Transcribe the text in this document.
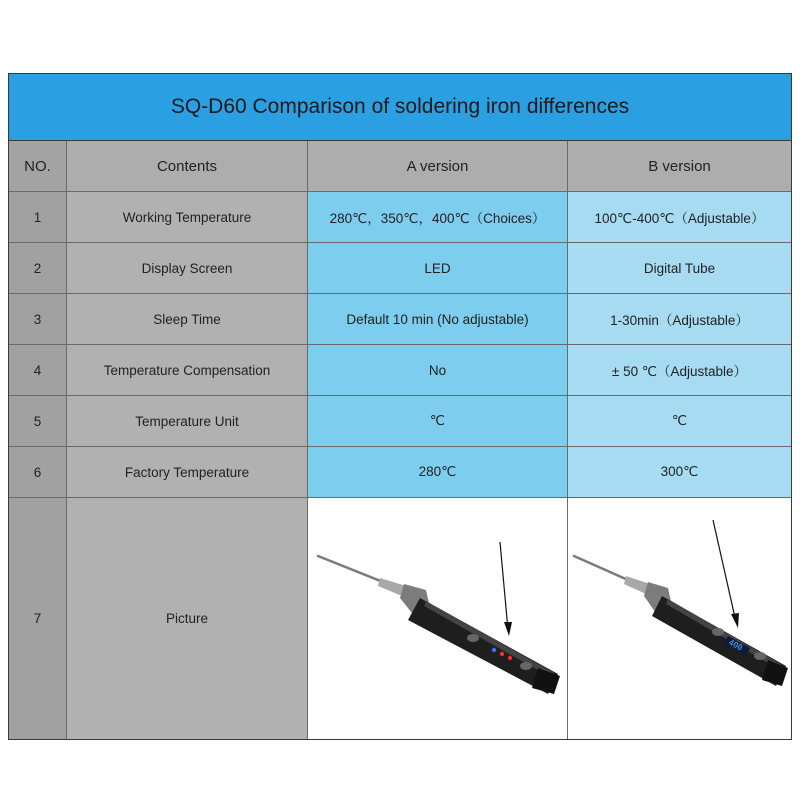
SQ-D60 Comparison of soldering iron differences
NO.	Contents	A version	B version
1	Working Temperature	280℃，350℃，400℃（Choices）	100℃-400℃（Adjustable）
2	Display Screen	LED	Digital Tube
3	Sleep Time	Default 10 min (No adjustable)	1-30min（Adjustable）
4	Temperature Compensation	No	± 50 ℃（Adjustable）
5	Temperature Unit	℃	℃
6	Factory Temperature	280℃	300℃
7	Picture
400
